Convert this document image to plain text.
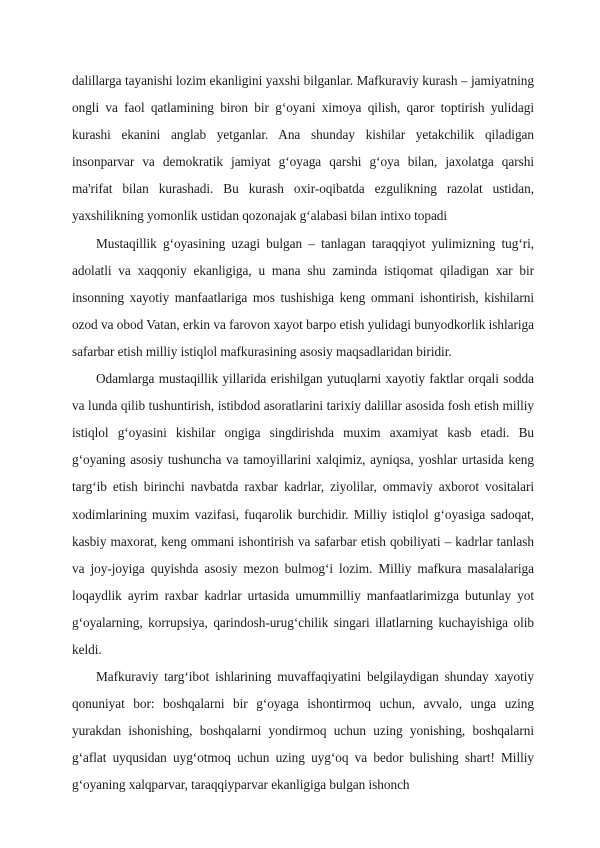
dalillarga tayanishi lozim ekanligini yaxshi bilganlar. Mafkuraviy kurash – jamiyatning ongli va faol qatlamining biron bir g‘oyani ximoya qilish, qaror toptirish yulidagi kurashi ekanini anglab yetganlar. Ana shunday kishilar yetakchilik qiladigan insonparvar va demokratik jamiyat g‘oyaga qarshi g‘oya bilan, jaxolatga qarshi ma'rifat bilan kurashadi. Bu kurash oxir-oqibatda ezgulikning razolat ustidan, yaxshilikning yomonlik ustidan qozonajak g‘alabasi bilan intixo topadi

Mustaqillik g‘oyasining uzagi bulgan – tanlagan taraqqiyot yulimizning tug‘ri, adolatli va xaqqoniy ekanligiga, u mana shu zaminda istiqomat qiladigan xar bir insonning xayotiy manfaatlariga mos tushishiga keng ommani ishontirish, kishilarni ozod va obod Vatan, erkin va farovon xayot barpo etish yulidagi bunyodkorlik ishlariga safarbar etish milliy istiqlol mafkurasining asosiy maqsadlaridan biridir.

Odamlarga mustaqillik yillarida erishilgan yutuqlarni xayotiy faktlar orqali sodda va lunda qilib tushuntirish, istibdod asoratlarini tarixiy dalillar asosida fosh etish milliy istiqlol g‘oyasini kishilar ongiga singdirishda muxim axamiyat kasb etadi. Bu g‘oyaning asosiy tushuncha va tamoyillarini xalqimiz, ayniqsa, yoshlar urtasida keng targ‘ib etish birinchi navbatda raxbar kadrlar, ziyolilar, ommaviy axborot vositalari xodimlarining muxim vazifasi, fuqarolik burchidir. Milliy istiqlol g‘oyasiga sadoqat, kasbiy maxorat, keng ommani ishontirish va safarbar etish qobiliyati – kadrlar tanlash va joy-joyiga quyishda asosiy mezon bulmog‘i lozim. Milliy mafkura masalalariga loqaydlik ayrim raxbar kadrlar urtasida umummilliy manfaatlarimizga butunlay yot g‘oyalarning, korrupsiya, qarindosh-urug‘chilik singari illatlarning kuchayishiga olib keldi.

Mafkuraviy targ‘ibot ishlarining muvaffaqiyatini belgilaydigan shunday xayotiy qonuniyat bor: boshqalarni bir g‘oyaga ishontirmoq uchun, avvalo, unga uzing yurakdan ishonishing, boshqalarni yondirmoq uchun uzing yonishing, boshqalarni g‘aflat uyqusidan uyg‘otmoq uchun uzing uyg‘oq va bedor bulishing shart! Milliy g‘oyaning xalqparvar, taraqqiyparvar ekanligiga bulgan ishonch
